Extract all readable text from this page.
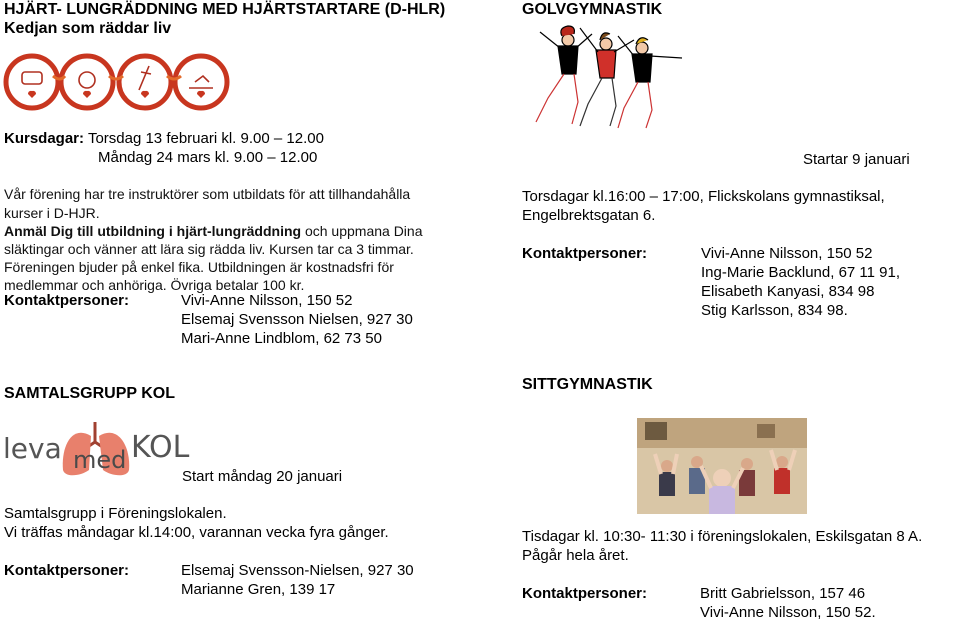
HJÄRT- LUNGRÄDDNING MED HJÄRTSTARTARE (D-HLR)
Kedjan som räddar liv
Kursdagar: Torsdag 13 februari kl. 9.00 – 12.00
Måndag 24 mars kl. 9.00 – 12.00
Vår förening har tre instruktörer som utbildats för att tillhandahålla
kurser i D-HJR.
Anmäl Dig till utbildning i hjärt-lungräddning och uppmana Dina
släktingar och vänner att lära sig rädda liv. Kursen tar ca 3 timmar.
Föreningen bjuder på enkel fika. Utbildningen är kostnadsfri för
medlemmar och anhöriga. Övriga betalar 100 kr.
Kontaktpersoner:	Vivi-Anne Nilsson, 150 52
Elsemaj Svensson Nielsen, 927 30
Mari-Anne Lindblom, 62 73 50
GOLVGYMNASTIK
Startar 9 januari
Torsdagar kl.16:00 – 17:00, Flickskolans gymnastiksal,
Engelbrektsgatan 6.
Kontaktpersoner:	Vivi-Anne Nilsson, 150 52
Ing-Marie Backlund, 67 11 91,
Elisabeth Kanyasi, 834 98
Stig Karlsson, 834 98.
SAMTALSGRUPP KOL
leva med KOL
Start måndag 20 januari
Samtalsgrupp i Föreningslokalen.
Vi träffas måndagar kl.14:00, varannan vecka fyra gånger.
Kontaktpersoner:	Elsemaj Svensson-Nielsen, 927 30
Marianne Gren, 139 17
SITTGYMNASTIK
Tisdagar kl. 10:30- 11:30 i föreningslokalen, Eskilsgatan 8 A.
Pågår hela året.
Kontaktpersoner:	Britt Gabrielsson, 157 46
Vivi-Anne Nilsson, 150 52.
